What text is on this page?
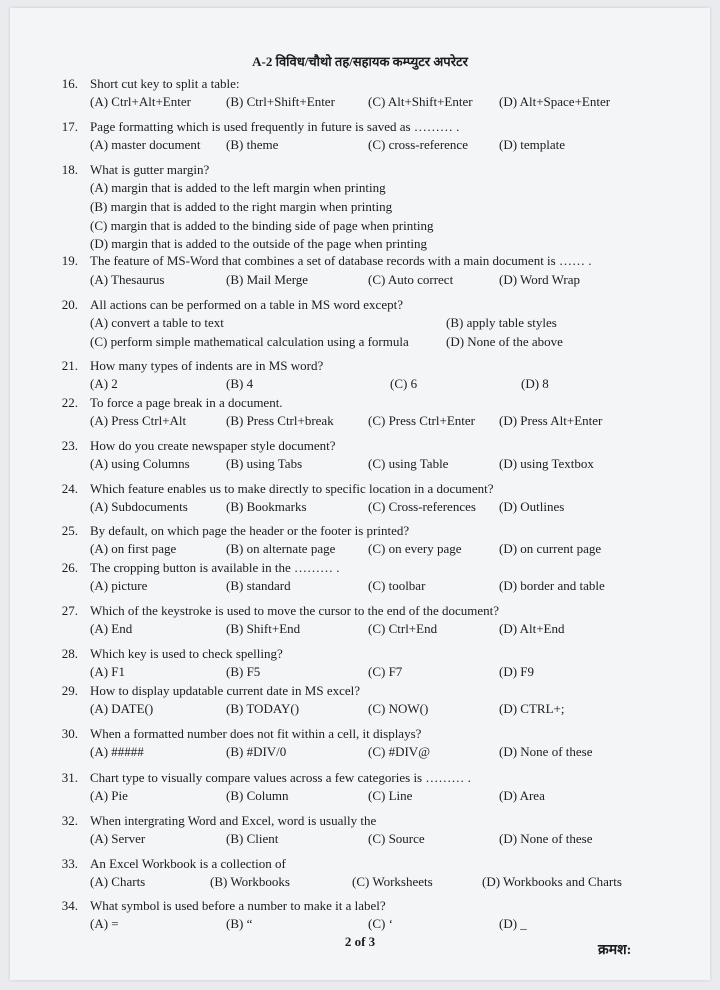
A-2 विविध/चौथो तह/सहायक कम्प्युटर अपरेटर
16. Short cut key to split a table:
(A) Ctrl+Alt+Enter	(B) Ctrl+Shift+Enter	(C) Alt+Shift+Enter (D) Alt+Space+Enter
17. Page formatting which is used frequently in future is saved as ……… .
(A) master document (B) theme	(C) cross-reference (D) template
18. What is gutter margin?
(A) margin that is added to the left margin when printing
(B) margin that is added to the right margin when printing
(C) margin that is added to the binding side of page when printing
(D) margin that is added to the outside of the page when printing
19. The feature of MS-Word that combines a set of database records with a main document is …… .
(A) Thesaurus	(B) Mail Merge	(C) Auto correct	(D) Word Wrap
20. All actions can be performed on a table in MS word except?
(A) convert a table to text	(B) apply table styles
(C) perform simple mathematical calculation using a formula	(D) None of the above
21. How many types of indents are in MS word?
(A) 2	(B) 4	(C) 6	(D) 8
22. To force a page break in a document.
(A) Press Ctrl+Alt	(B) Press Ctrl+break	(C) Press Ctrl+Enter (D) Press Alt+Enter
23. How do you create newspaper style document?
(A) using Columns	(B) using Tabs	(C) using Table	(D) using Textbox
24. Which feature enables us to make directly to specific location in a document?
(A) Subdocuments	(B) Bookmarks	(C) Cross-references (D) Outlines
25. By default, on which page the header or the footer is printed?
(A) on first page	(B) on alternate page	(C) on every page	(D) on current page
26. The cropping button is available in the ……… .
(A) picture	(B) standard	(C) toolbar	(D) border and table
27. Which of the keystroke is used to move the cursor to the end of the document?
(A) End	(B) Shift+End	(C) Ctrl+End	(D) Alt+End
28. Which key is used to check spelling?
(A) F1	(B) F5	(C) F7	(D) F9
29. How to display updatable current date in MS excel?
(A) DATE()	(B) TODAY()	(C) NOW()	(D) CTRL+;
30. When a formatted number does not fit within a cell, it displays?
(A) #####	(B) #DIV/0	(C) #DIV@	(D) None of these
31. Chart type to visually compare values across a few categories is ……… .
(A) Pie	(B) Column	(C) Line	(D) Area
32. When intergrating Word and Excel, word is usually the
(A) Server	(B) Client	(C) Source	(D) None of these
33. An Excel Workbook is a collection of
(A) Charts	(B) Workbooks	(C) Worksheets	(D) Workbooks and Charts
34. What symbol is used before a number to make it a label?
(A) =	(B) “	(C) ‘	(D) _
2 of 3
क्रमश:
